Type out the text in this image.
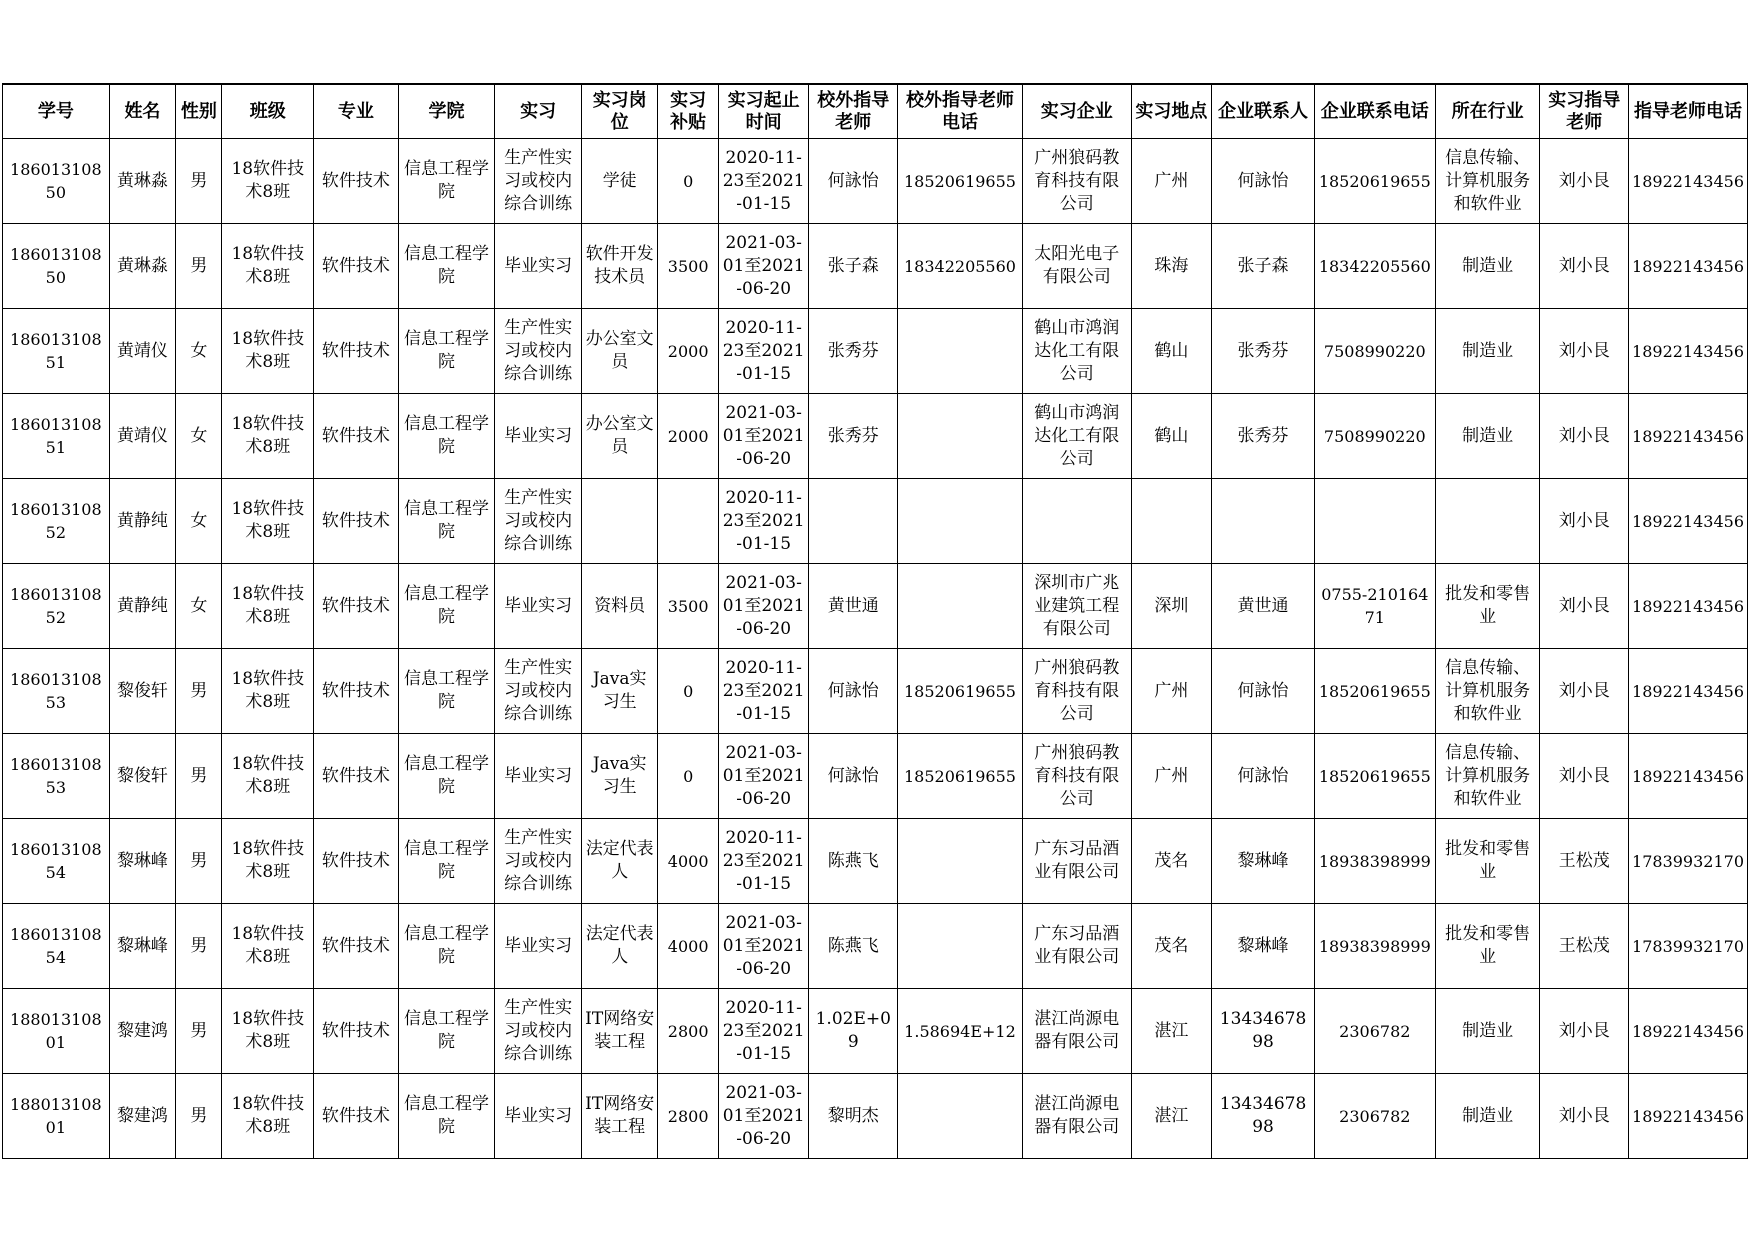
学号	姓名	性别	班级	专业	学院	实习	实习岗位	实习补贴	实习起止时间	校外指导老师	校外指导老师电话	实习企业	实习地点	企业联系人	企业联系电话	所在行业	实习指导老师	指导老师电话

18601310850	黄琳淼	男	18软件技术8班	软件技术	信息工程学院	生产性实习或校内综合训练	学徒	0	2020-11-23至2021-01-15	何詠怡	18520619655	广州狼码教育科技有限公司	广州	何詠怡	18520619655	信息传输、计算机服务和软件业	刘小艮	18922143456

18601310850	黄琳淼	男	18软件技术8班	软件技术	信息工程学院	毕业实习	软件开发技术员	3500	2021-03-01至2021-06-20	张子森	18342205560	太阳光电子有限公司	珠海	张子森	18342205560	制造业	刘小艮	18922143456

18601310851	黄靖仪	女	18软件技术8班	软件技术	信息工程学院	生产性实习或校内综合训练	办公室文员	2000	2020-11-23至2021-01-15	张秀芬		鹤山市鸿润达化工有限公司	鹤山	张秀芬	7508990220	制造业	刘小艮	18922143456

18601310851	黄靖仪	女	18软件技术8班	软件技术	信息工程学院	毕业实习	办公室文员	2000	2021-03-01至2021-06-20	张秀芬		鹤山市鸿润达化工有限公司	鹤山	张秀芬	7508990220	制造业	刘小艮	18922143456

18601310852	黄静纯	女	18软件技术8班	软件技术	信息工程学院	生产性实习或校内综合训练			2020-11-23至2021-01-15								刘小艮	18922143456

18601310852	黄静纯	女	18软件技术8班	软件技术	信息工程学院	毕业实习	资料员	3500	2021-03-01至2021-06-20	黄世通		深圳市广兆业建筑工程有限公司	深圳	黄世通	0755-21016471	批发和零售业	刘小艮	18922143456

18601310853	黎俊轩	男	18软件技术8班	软件技术	信息工程学院	生产性实习或校内综合训练	Java实习生	0	2020-11-23至2021-01-15	何詠怡	18520619655	广州狼码教育科技有限公司	广州	何詠怡	18520619655	信息传输、计算机服务和软件业	刘小艮	18922143456

18601310853	黎俊轩	男	18软件技术8班	软件技术	信息工程学院	毕业实习	Java实习生	0	2021-03-01至2021-06-20	何詠怡	18520619655	广州狼码教育科技有限公司	广州	何詠怡	18520619655	信息传输、计算机服务和软件业	刘小艮	18922143456

18601310854	黎琳峰	男	18软件技术8班	软件技术	信息工程学院	生产性实习或校内综合训练	法定代表人	4000	2020-11-23至2021-01-15	陈燕飞		广东习品酒业有限公司	茂名	黎琳峰	18938398999	批发和零售业	王松茂	17839932170

18601310854	黎琳峰	男	18软件技术8班	软件技术	信息工程学院	毕业实习	法定代表人	4000	2021-03-01至2021-06-20	陈燕飞		广东习品酒业有限公司	茂名	黎琳峰	18938398999	批发和零售业	王松茂	17839932170

18801310801	黎建鸿	男	18软件技术8班	软件技术	信息工程学院	生产性实习或校内综合训练	IT网络安装工程	2800	2020-11-23至2021-01-15	1.02E+09	1.58694E+12	湛江尚源电器有限公司	湛江	1343467898	2306782	制造业	刘小艮	18922143456

18801310801	黎建鸿	男	18软件技术8班	软件技术	信息工程学院	毕业实习	IT网络安装工程	2800	2021-03-01至2021-06-20	黎明杰		湛江尚源电器有限公司	湛江	1343467898	2306782	制造业	刘小艮	18922143456
